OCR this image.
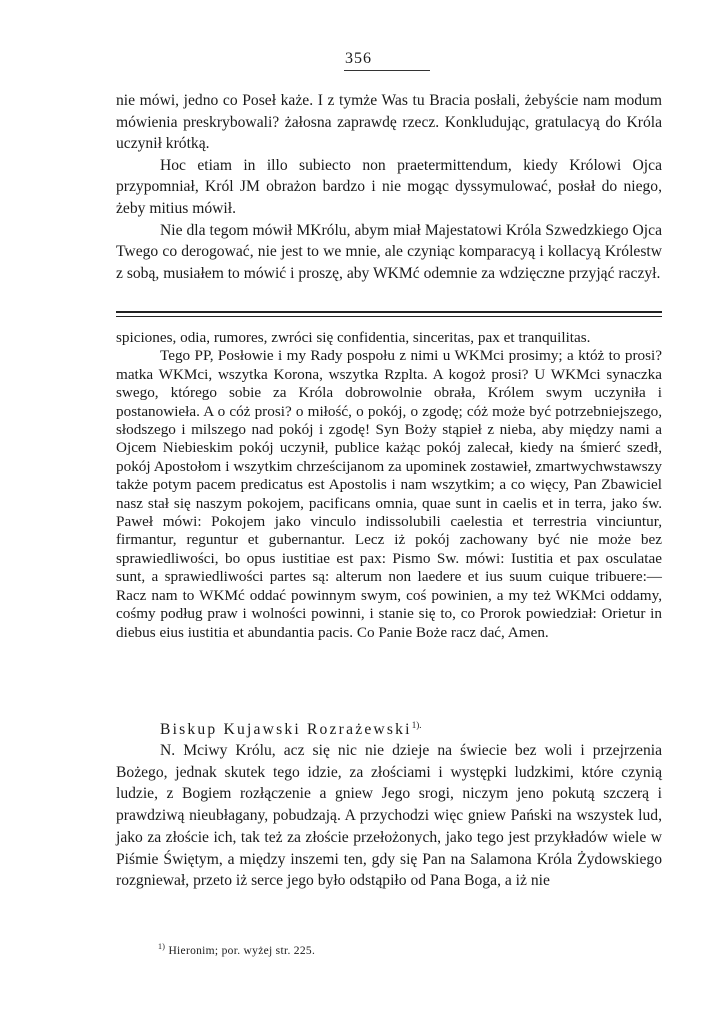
356

nie mówi, jedno co Poseł każe. I z tymże Was tu Bracia posłali, żebyście nam modum mówienia preskrybowali? żałosna zaprawdę rzecz. Konkludując, gratulacyą do Króla uczynił krótką.

Hoc etiam in illo subiecto non praetermittendum, kiedy Królowi Ojca przypomniał, Król JM obrażon bardzo i nie mogąc dyssymulować, posłał do niego, żeby mitius mówił.

Nie dla tegom mówił MKrólu, abym miał Majestatowi Króla Szwedzkiego Ojca Twego co derogować, nie jest to we mnie, ale czyniąc komparacyą i kollacyą Królestw z sobą, musiałem to mówić i proszę, aby WKMć odemnie za wdzięczne przyjąć raczył.

spiciones, odia, rumores, zwróci się confidentia, sinceritas, pax et tranquilitas.

Tego PP, Posłowie i my Rady pospołu z nimi u WKMci prosimy; a któż to prosi? matka WKMci, wszytka Korona, wszytka Rzplta. A kogoż prosi? U WKMci synaczka swego, którego sobie za Króla dobrowolnie obrała, Królem swym uczyniła i postanowieła. A o cóż prosi? o miłość, o pokój, o zgodę; cóż może być potrzebniejszego, słodszego i milszego nad pokój i zgodę! Syn Boży stąpieł z nieba, aby między nami a Ojcem Niebieskim pokój uczynił, publice każąc pokój zalecał, kiedy na śmierć szedł, pokój Apostołom i wszytkim chrześcijanom za upominek zostawieł, zmartwychwstawszy także potym pacem predicatus est Apostolis i nam wszytkim; a co więcy, Pan Zbawiciel nasz stał się naszym pokojem, pacificans omnia, quae sunt in caelis et in terra, jako św. Paweł mówi: Pokojem jako vinculo indissolubili caelestia et terrestria vinciuntur, firmantur, reguntur et gubernantur. Lecz iż pokój zachowany być nie może bez sprawiedliwości, bo opus iustitiae est pax: Pismo Sw. mówi: Iustitia et pax osculatae sunt, a sprawiedliwości partes są: alterum non laedere et ius suum cuique tribuere:— Racz nam to WKMć oddać powinnym swym, coś powinien, a my też WKMci oddamy, cośmy podług praw i wolności powinni, i stanie się to, co Prorok powiedział: Orietur in diebus eius iustitia et abundantia pacis. Co Panie Boże racz dać, Amen.

Biskup Kujawski Rozrażewski$^{1).}$

N. Mciwy Królu, acz się nic nie dzieje na świecie bez woli i przejrzenia Bożego, jednak skutek tego idzie, za złościami i występki ludzkimi, które czynią ludzie, z Bogiem rozłączenie a gniew Jego srogi, niczym jeno pokutą szczerą i prawdziwą nieubłagany, pobudzają. A przychodzi więc gniew Pański na wszystek lud, jako za złoście ich, tak też za złoście przełożonych, jako tego jest przykładów wiele w Piśmie Świętym, a między inszemi ten, gdy się Pan na Salamona Króla Żydowskiego rozgniewał, przeto iż serce jego było odstąpiło od Pana Boga, a iż nie

$^{1)}$ Hieronim; por. wyżej str. 225.
